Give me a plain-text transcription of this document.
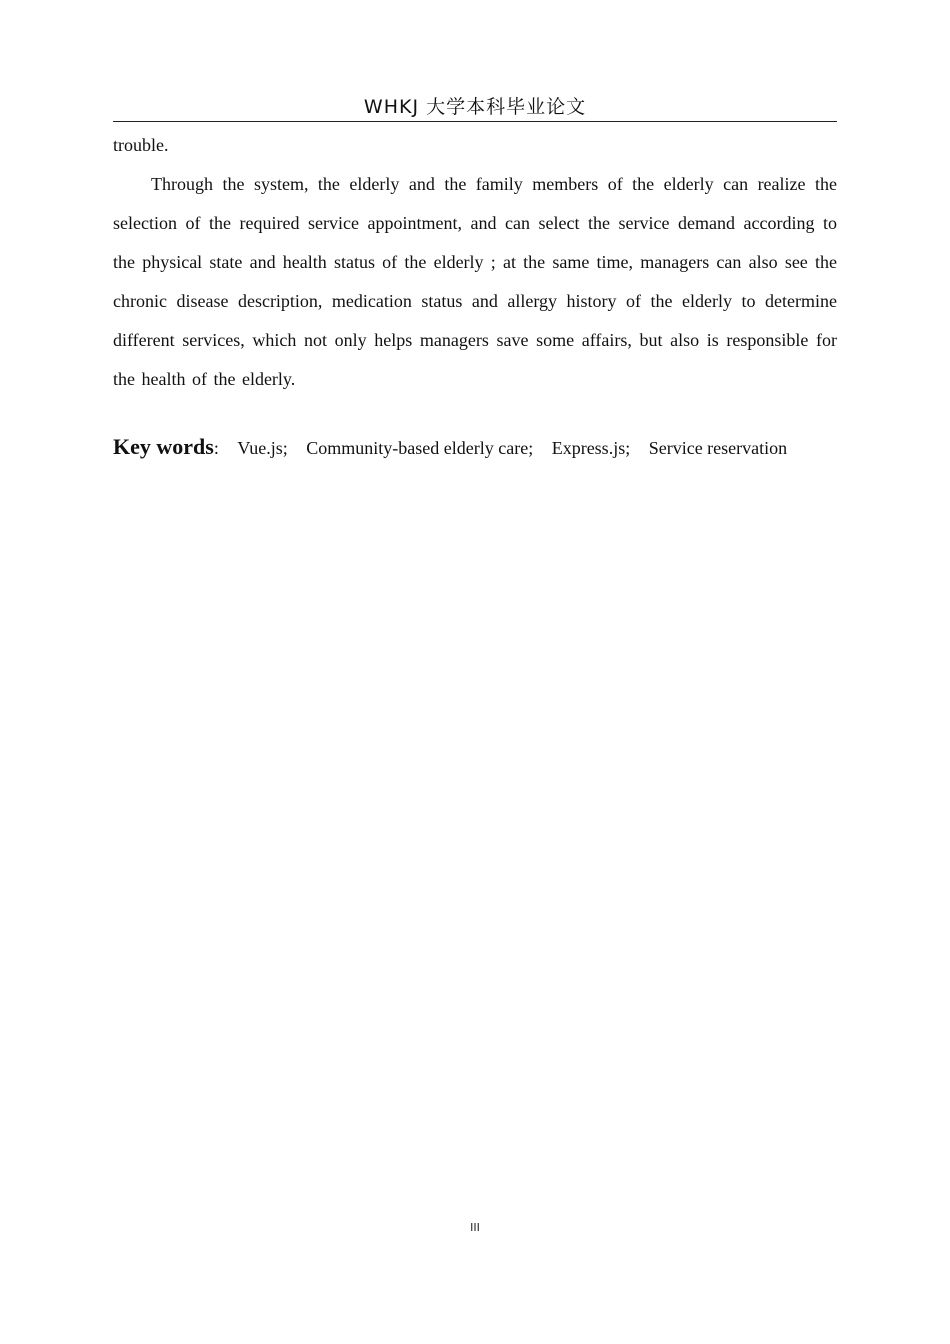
WHKJ 大学本科毕业论文

trouble.

Through the system, the elderly and the family members of the elderly can realize the selection of the required service appointment, and can select the service demand according to the physical state and health status of the elderly ; at the same time, managers can also see the chronic disease description, medication status and allergy history of the elderly to determine different services, which not only helps managers save some affairs, but also is responsible for the health of the elderly.

Key words: Vue.js; Community-based elderly care; Express.js; Service reservation
III
